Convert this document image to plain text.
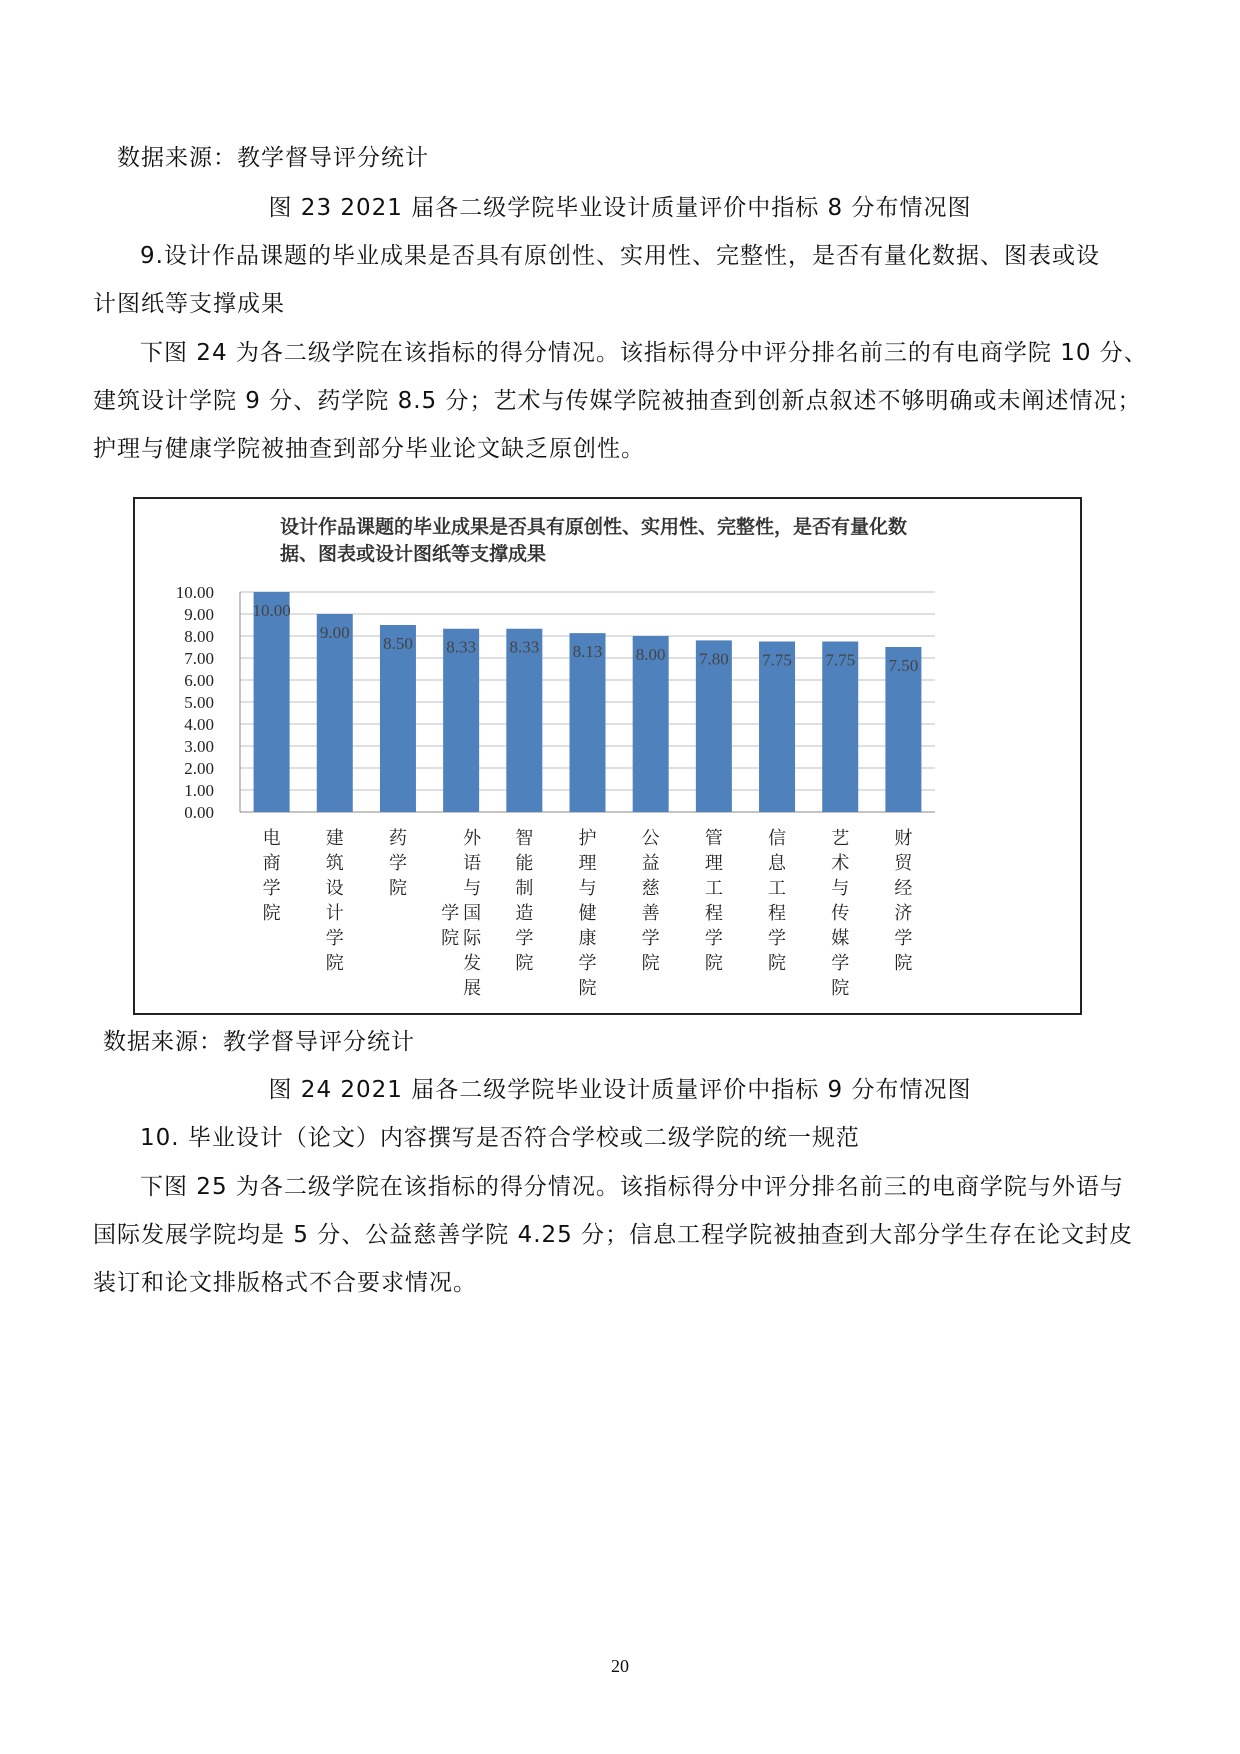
数据来源：教学督导评分统计
图 23 2021 届各二级学院毕业设计质量评价中指标 8 分布情况图
9.设计作品课题的毕业成果是否具有原创性、实用性、完整性，是否有量化数据、图表或设
计图纸等支撑成果
下图 24 为各二级学院在该指标的得分情况。该指标得分中评分排名前三的有电商学院 10 分、
建筑设计学院 9 分、药学院 8.5 分；艺术与传媒学院被抽查到创新点叙述不够明确或未阐述情况；
护理与健康学院被抽查到部分毕业论文缺乏原创性。
设计作品课题的毕业成果是否具有原创性、实用性、完整性，是否有量化数
据、图表或设计图纸等支撑成果
0.00
1.00
2.00
3.00
4.00
5.00
6.00
7.00
8.00
9.00
10.00
10.00
9.00
8.50 8.33 8.33 8.13 8.00 7.80 7.75 7.75 7.50
电商学院
建筑设计学院
药学院
外语与国际发展学院
智能制造学院
护理与健康学院
公益慈善学院
管理工程学院
信息工程学院
艺术与传媒学院
财贸经济学院
数据来源：教学督导评分统计
图 24 2021 届各二级学院毕业设计质量评价中指标 9 分布情况图
10. 毕业设计（论文）内容撰写是否符合学校或二级学院的统一规范
下图 25 为各二级学院在该指标的得分情况。该指标得分中评分排名前三的电商学院与外语与
国际发展学院均是 5 分、公益慈善学院 4.25 分；信息工程学院被抽查到大部分学生存在论文封皮
装订和论文排版格式不合要求情况。
20
